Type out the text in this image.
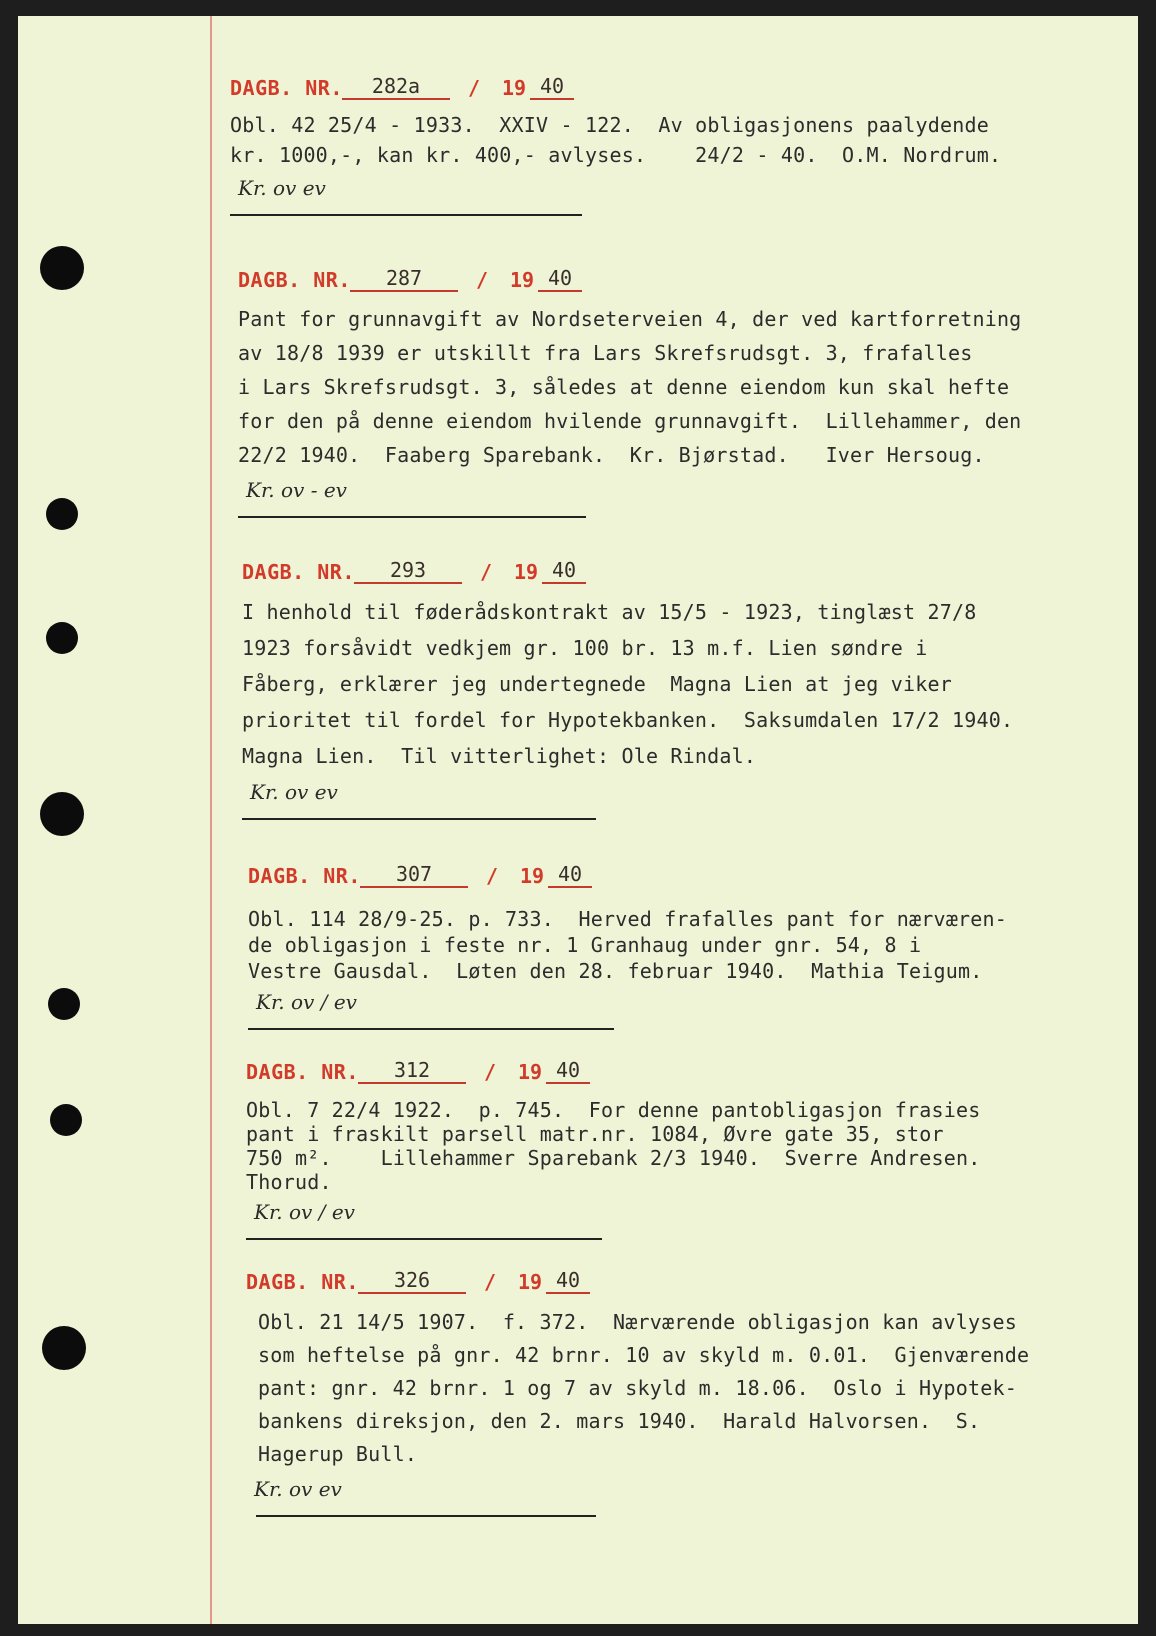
DAGB. NR.	282a	/ 19 40
Obl. 42 25/4 - 1933.  XXIV - 122.  Av obligasjonens paalydende
kr. 1000,-, kan kr. 400,- avlyses.    24/2 - 40.  O.M. Nordrum.
Kr. ov ev
DAGB. NR.	287	/ 19 40
Pant for grunnavgift av Nordseterveien 4, der ved kartforretning
av 18/8 1939 er utskillt fra Lars Skrefsrudsgt. 3, frafalles
i Lars Skrefsrudsgt. 3, således at denne eiendom kun skal hefte
for den på denne eiendom hvilende grunnavgift.  Lillehammer, den
22/2 1940.  Faaberg Sparebank.  Kr. Bjørstad.   Iver Hersoug.
Kr. ov - ev
DAGB. NR.	293	/ 19 40
I henhold til føderådskontrakt av 15/5 - 1923, tinglæst 27/8
1923 forsåvidt vedkjem gr. 100 br. 13 m.f. Lien søndre i
Fåberg, erklærer jeg undertegnede  Magna Lien at jeg viker
prioritet til fordel for Hypotekbanken.  Saksumdalen 17/2 1940.
Magna Lien.  Til vitterlighet: Ole Rindal.
Kr. ov ev
DAGB. NR.	307	/ 19 40
Obl. 114 28/9-25. p. 733.  Herved frafalles pant for nærværen-
de obligasjon i feste nr. 1 Granhaug under gnr. 54, 8 i
Vestre Gausdal.  Løten den 28. februar 1940.  Mathia Teigum.
Kr. ov / ev
DAGB. NR.	312	/ 19 40
Obl. 7 22/4 1922.  p. 745.  For denne pantobligasjon frasies
pant i fraskilt parsell matr.nr. 1084, Øvre gate 35, stor
750 m².    Lillehammer Sparebank 2/3 1940.  Sverre Andresen.
Thorud.
Kr. ov / ev
DAGB. NR.	326	/ 19 40
Obl. 21 14/5 1907.  f. 372.  Nærværende obligasjon kan avlyses
som heftelse på gnr. 42 brnr. 10 av skyld m. 0.01.  Gjenværende
pant: gnr. 42 brnr. 1 og 7 av skyld m. 18.06.  Oslo i Hypotek-
bankens direksjon, den 2. mars 1940.  Harald Halvorsen.  S.
Hagerup Bull.
Kr. ov ev
